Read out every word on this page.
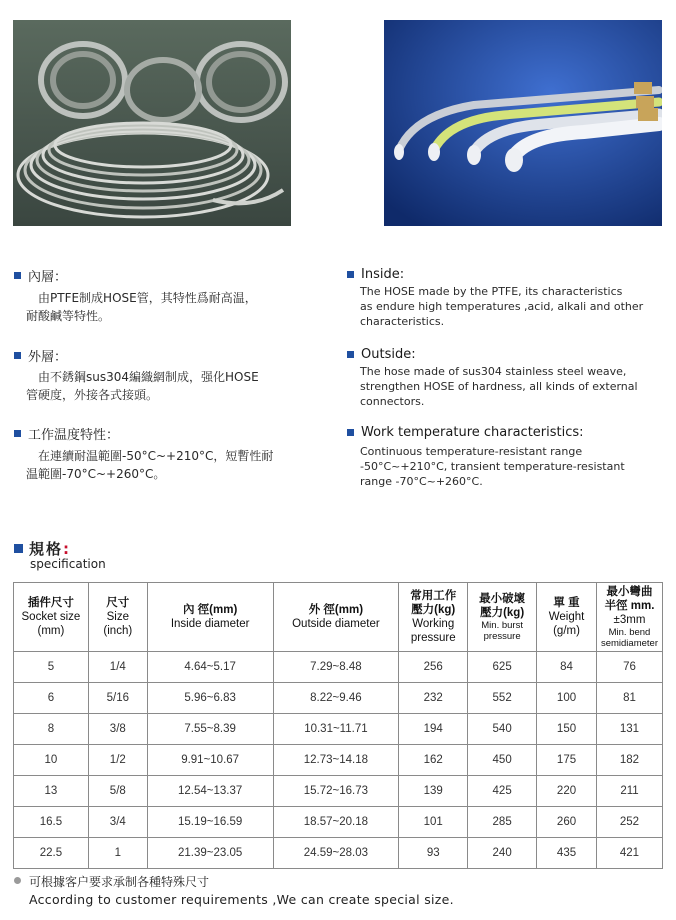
內層：
由PTFE制成HOSE管，其特性爲耐高温，
耐酸鹹等特性。
外層：
由不銹鋼sus304編織網制成，强化HOSE
管硬度，外接各式接頭。
工作温度特性：
在連續耐温範圍-50°C~+210°C，短暫性耐
温範圍-70°C~+260°C。
Inside:
The HOSE made by the PTFE, its characteristics
as endure high temperatures ,acid, alkali and other
characteristics.
Outside:
The hose made of sus304 stainless steel weave,
strengthen HOSE of hardness, all kinds of external
connectors.
Work temperature characteristics:
Continuous temperature-resistant range
-50°C~+210°C, transient temperature-resistant
range -70°C~+260°C.
規格 :
specification
插件尺寸
Socket size
(mm)	尺寸
Size
(inch)	內 徑(mm)
Inside diameter	外 徑(mm)
Outside diameter	常用工作
壓力(kg)
Working
pressure	最小破壞
壓力(kg)
Min. burst
pressure	單 重
Weight
(g/m)	最小彎曲
半徑 mm.
±3mm
Min. bend
semidiameter

5	1/4	4.64~5.17	7.29~8.48	256	625	84	76
6	5/16	5.96~6.83	8.22~9.46	232	552	100	81
8	3/8	7.55~8.39	10.31~11.71	194	540	150	131
10	1/2	9.91~10.67	12.73~14.18	162	450	175	182
13	5/8	12.54~13.37	15.72~16.73	139	425	220	211
16.5	3/4	15.19~16.59	18.57~20.18	101	285	260	252
22.5	1	21.39~23.05	24.59~28.03	93	240	435	421
可根據客户要求承制各種特殊尺寸
According to customer requirements ,We can create special size.
